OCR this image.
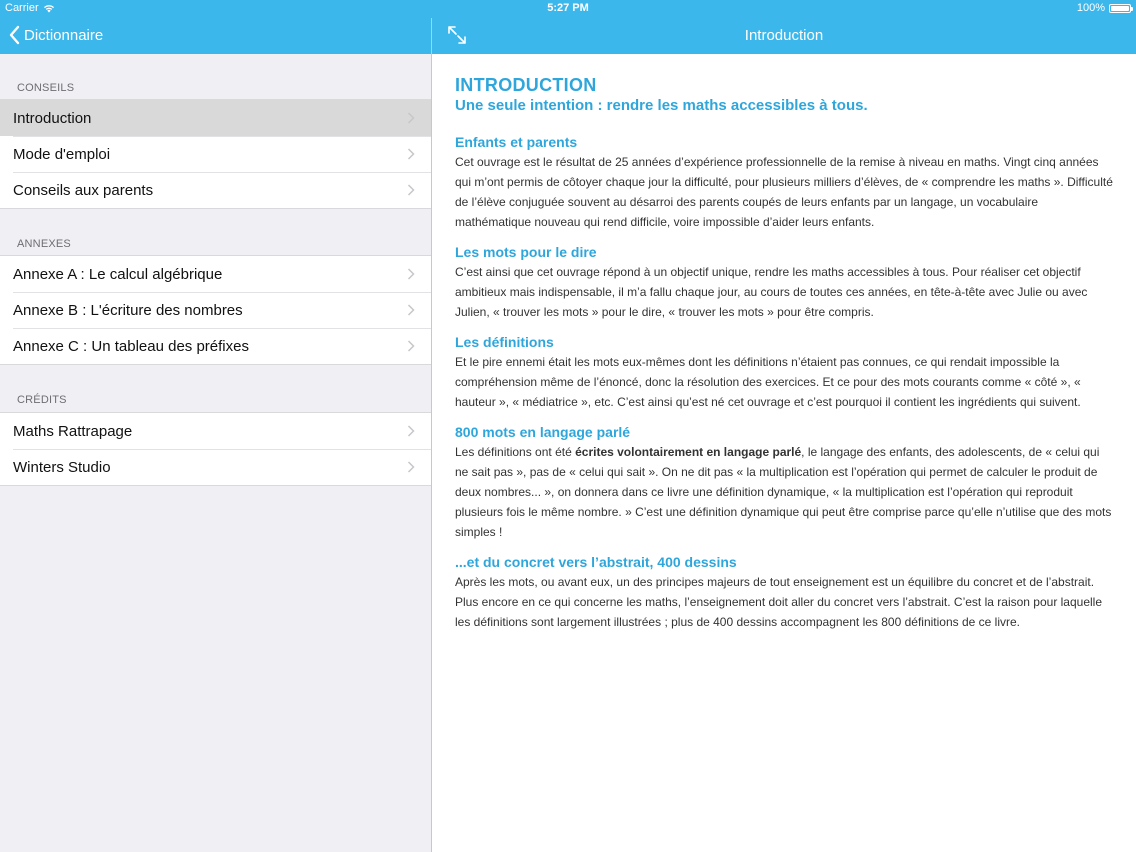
Carrier	5:27 PM	100%
Dictionnaire	Introduction
CONSEILS
Introduction
Mode d'emploi
Conseils aux parents
ANNEXES
Annexe A : Le calcul algébrique
Annexe B : L'écriture des nombres
Annexe C : Un tableau des préfixes
CRÉDITS
Maths Rattrapage
Winters Studio
INTRODUCTION
Une seule intention : rendre les maths accessibles à tous.
Enfants et parents

Cet ouvrage est le résultat de 25 années d’expérience professionnelle de la remise à niveau en maths. Vingt cinq années qui m’ont permis de côtoyer chaque jour la difficulté, pour plusieurs milliers d’élèves, de « comprendre les maths ». Difficulté de l’élève conjuguée souvent au désarroi des parents coupés de leurs enfants par un langage, un vocabulaire mathématique nouveau qui rend difficile, voire impossible d’aider leurs enfants.

Les mots pour le dire

C’est ainsi que cet ouvrage répond à un objectif unique, rendre les maths accessibles à tous. Pour réaliser cet objectif ambitieux mais indispensable, il m’a fallu chaque jour, au cours de toutes ces années, en tête-à-tête avec Julie ou avec Julien, « trouver les mots » pour le dire, « trouver les mots » pour être compris.

Les définitions

Et le pire ennemi était les mots eux-mêmes dont les définitions n’étaient pas connues, ce qui rendait impossible la compréhension même de l’énoncé, donc la résolution des exercices. Et ce pour des mots courants comme « côté », « hauteur », « médiatrice », etc. C’est ainsi qu’est né cet ouvrage et c’est pourquoi il contient les ingrédients qui suivent.

800 mots en langage parlé

Les définitions ont été écrites volontairement en langage parlé, le langage des enfants, des adolescents, de « celui qui ne sait pas », pas de « celui qui sait ». On ne dit pas « la multiplication est l’opération qui permet de calculer le produit de deux nombres... », on donnera dans ce livre une définition dynamique, « la multiplication est l’opération qui reproduit plusieurs fois le même nombre. » C’est une définition dynamique qui peut être comprise parce qu’elle n’utilise que des mots simples !

...et du concret vers l’abstrait, 400 dessins

Après les mots, ou avant eux, un des principes majeurs de tout enseignement est un équilibre du concret et de l’abstrait. Plus encore en ce qui concerne les maths, l’enseignement doit aller du concret vers l’abstrait. C’est la raison pour laquelle les définitions sont largement illustrées ; plus de 400 dessins accompagnent les 800 définitions de ce livre.
